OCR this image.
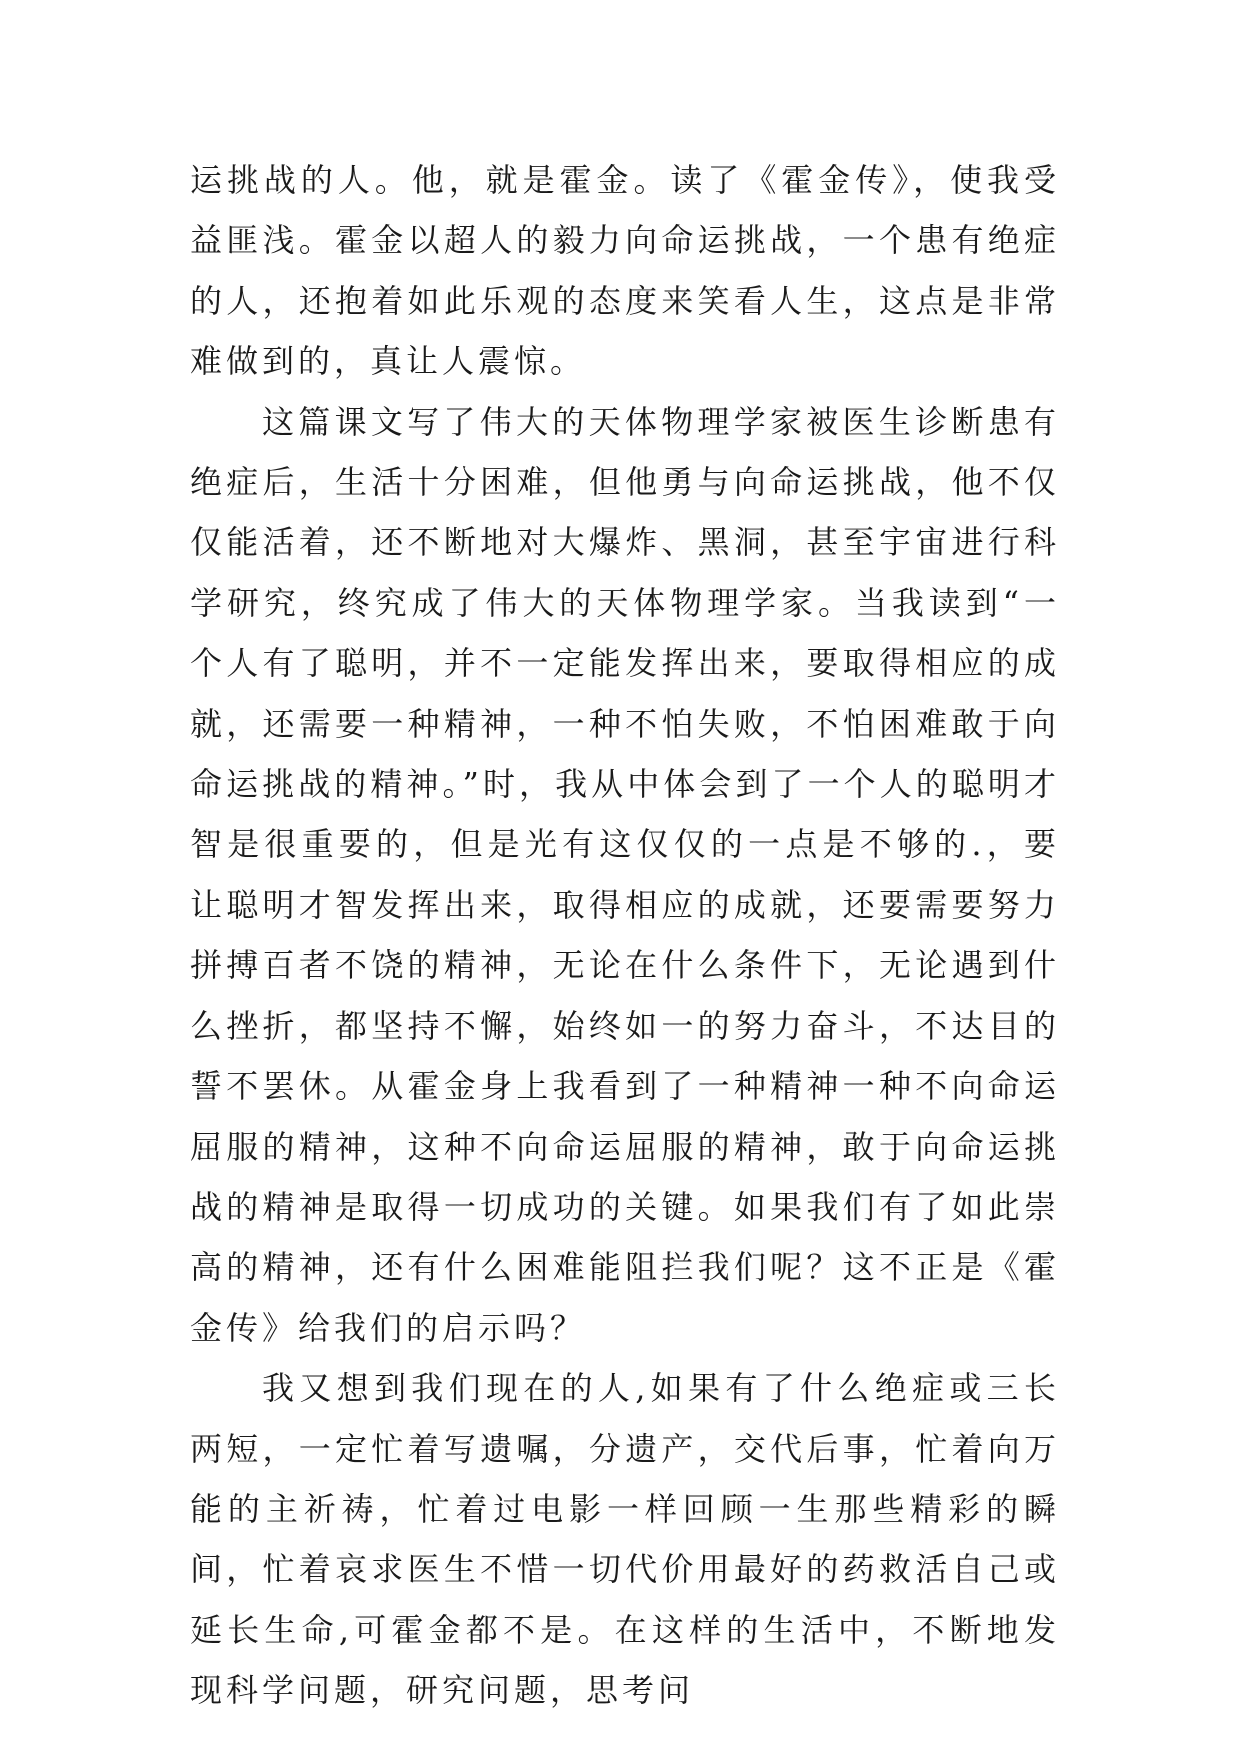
运挑战的人。他，就是霍金。读了《霍金传》，使我受益匪浅。霍金以超人的毅力向命运挑战，一个患有绝症的人，还抱着如此乐观的态度来笑看人生，这点是非常难做到的，真让人震惊。

这篇课文写了伟大的天体物理学家被医生诊断患有绝症后，生活十分困难，但他勇与向命运挑战，他不仅仅能活着，还不断地对大爆炸、黑洞，甚至宇宙进行科学研究，终究成了伟大的天体物理学家。当我读到“一个人有了聪明，并不一定能发挥出来，要取得相应的成就，还需要一种精神，一种不怕失败，不怕困难敢于向命运挑战的精神。”时，我从中体会到了一个人的聪明才智是很重要的，但是光有这仅仅的一点是不够的.，要让聪明才智发挥出来，取得相应的成就，还要需要努力拼搏百者不饶的精神，无论在什么条件下，无论遇到什么挫折，都坚持不懈，始终如一的努力奋斗，不达目的誓不罢休。从霍金身上我看到了一种精神一种不向命运屈服的精神，这种不向命运屈服的精神，敢于向命运挑战的精神是取得一切成功的关键。如果我们有了如此崇高的精神，还有什么困难能阻拦我们呢？这不正是《霍金传》给我们的启示吗？

我又想到我们现在的人,如果有了什么绝症或三长两短，一定忙着写遗嘱，分遗产，交代后事，忙着向万能的主祈祷，忙着过电影一样回顾一生那些精彩的瞬间，忙着哀求医生不惜一切代价用最好的药救活自己或延长生命,可霍金都不是。在这样的生活中，不断地发现科学问题，研究问题，思考问
